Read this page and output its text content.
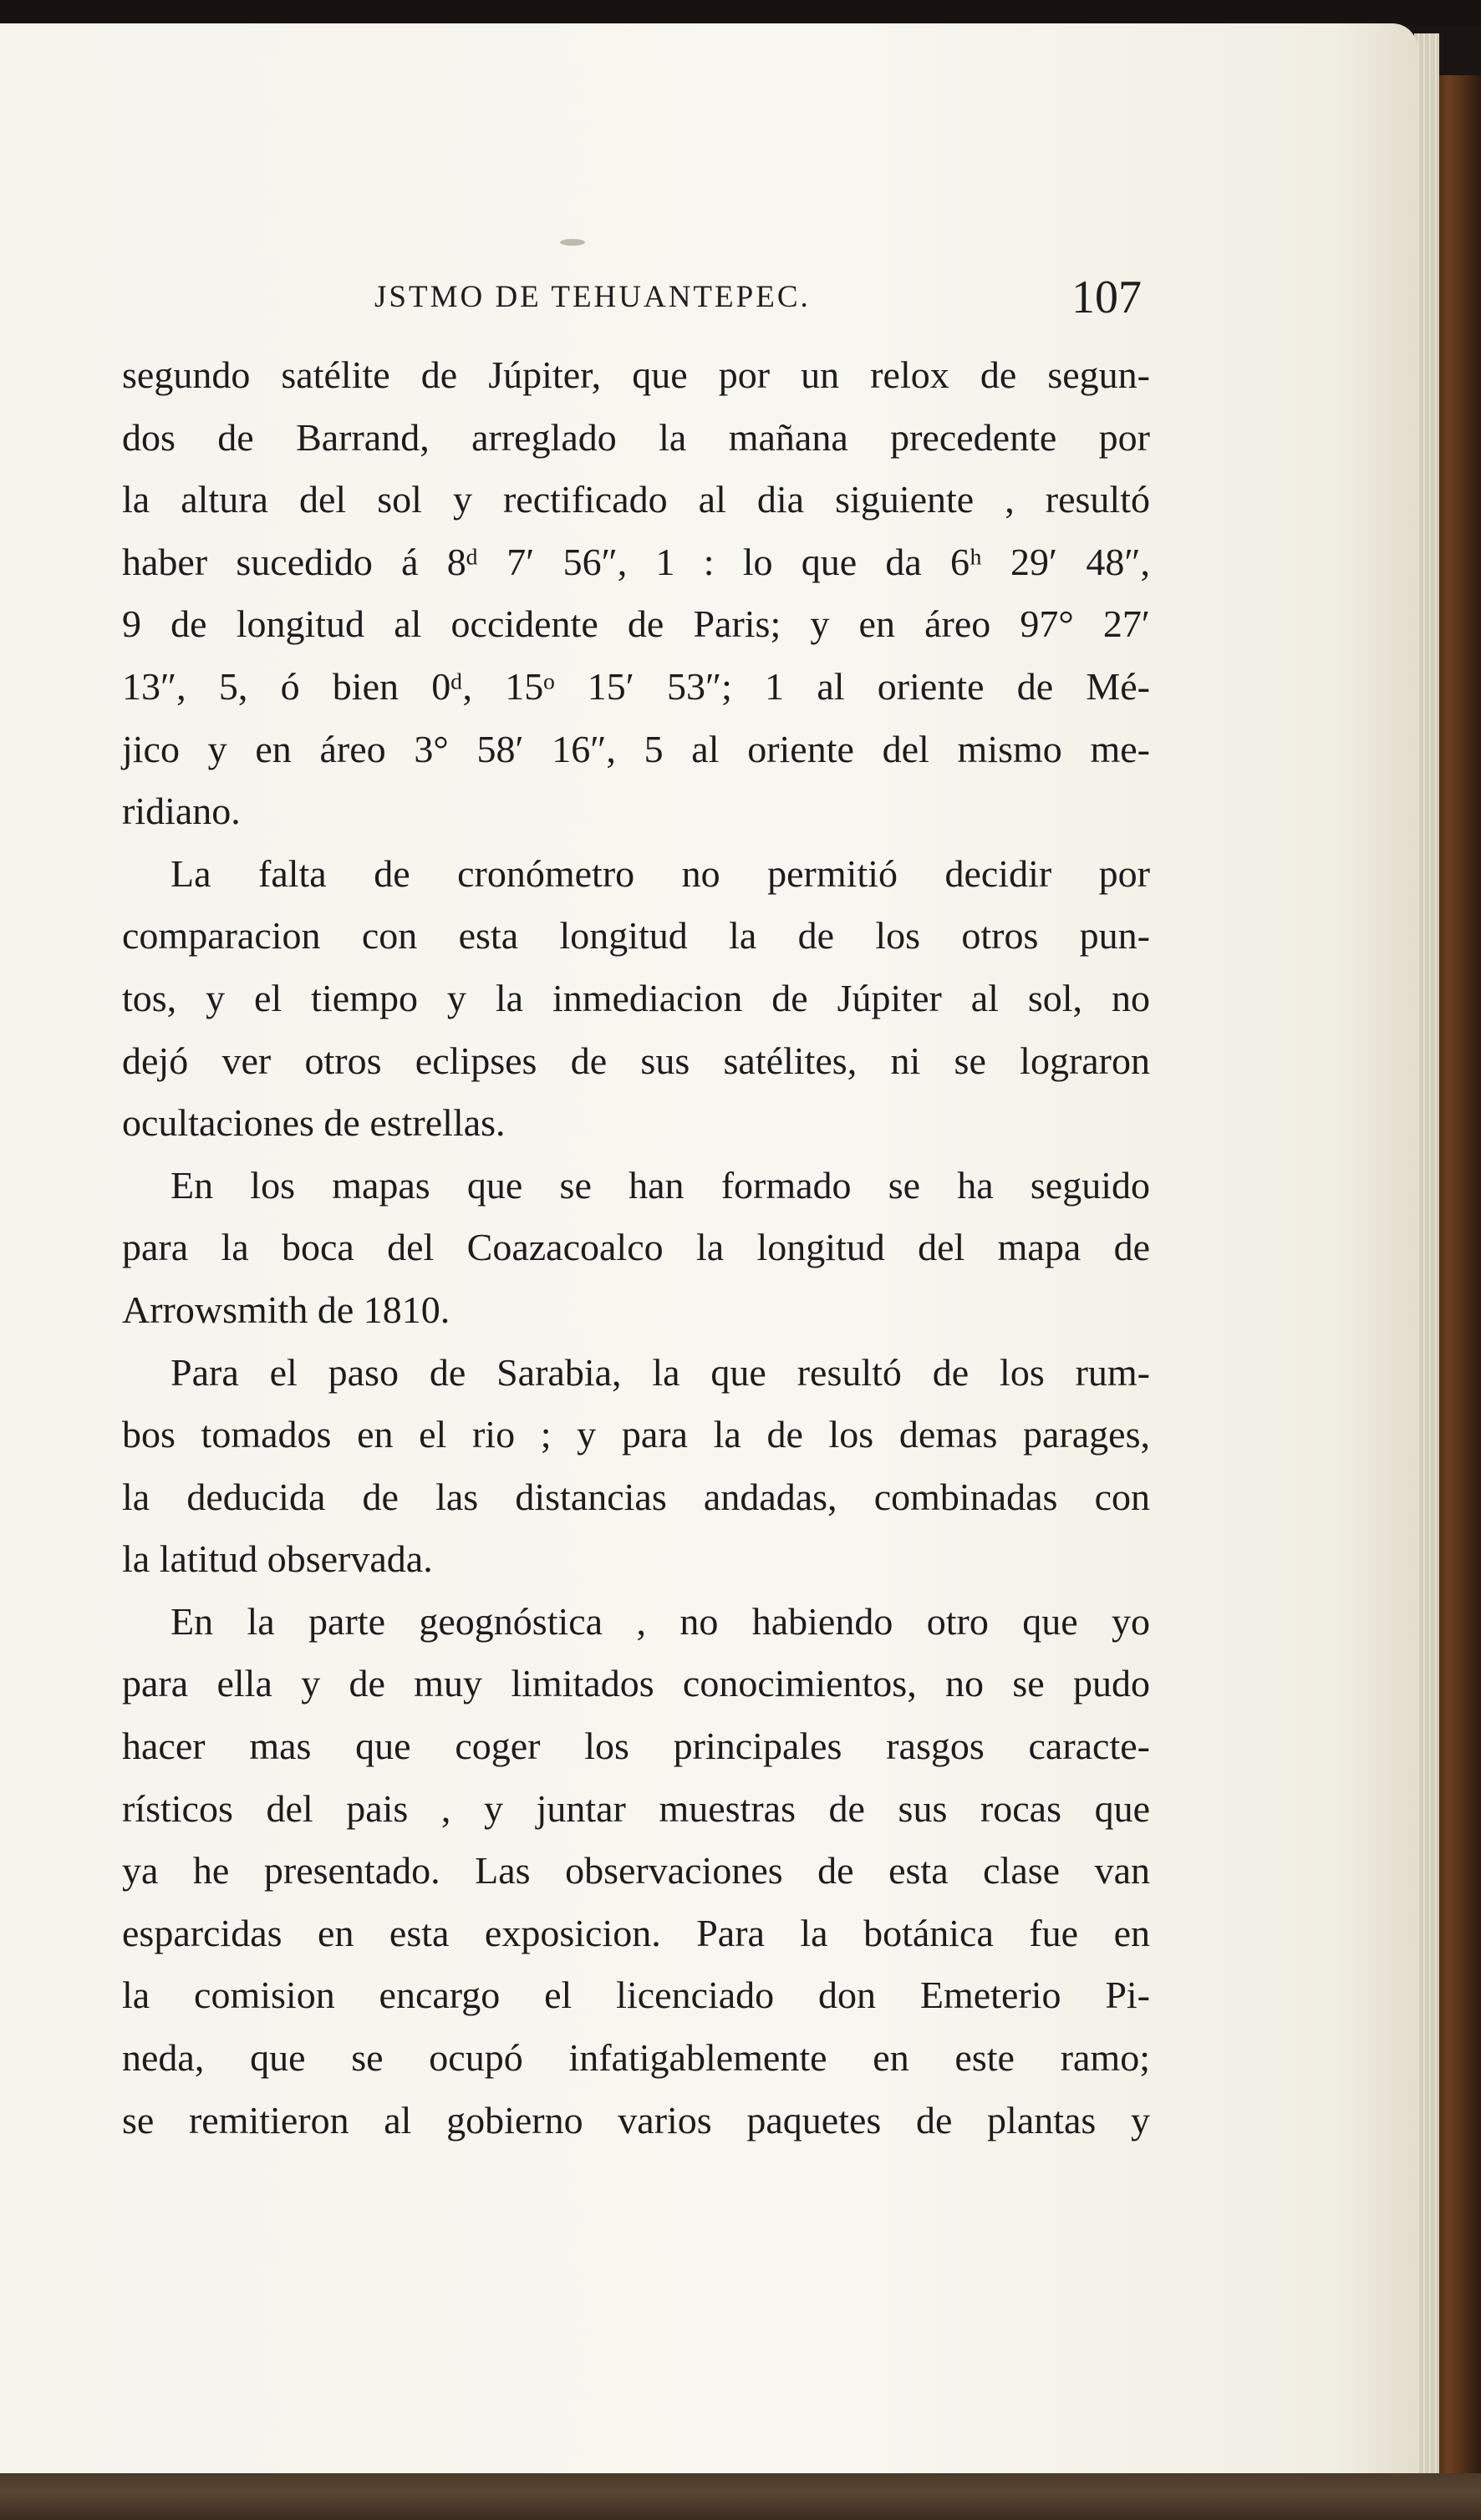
JSTMO DE TEHUANTEPEC.	107
segundo satélite de Júpiter, que por un relox de segun-
dos de Barrand, arreglado la mañana precedente por
la altura del sol y rectificado al dia siguiente , resultó
haber sucedido á 8ᵈ 7′ 56″, 1 : lo que da 6ʰ 29′ 48″,
9 de longitud al occidente de Paris; y en áreo 97° 27′
13″, 5, ó bien 0ᵈ, 15ᵒ 15′ 53″; 1 al oriente de Mé-
jico y en áreo 3° 58′ 16″, 5 al oriente del mismo me-
ridiano.
La falta de cronómetro no permitió decidir por
comparacion con esta longitud la de los otros pun-
tos, y el tiempo y la inmediacion de Júpiter al sol, no
dejó ver otros eclipses de sus satélites, ni se lograron
ocultaciones de estrellas.
En los mapas que se han formado se ha seguido
para la boca del Coazacoalco la longitud del mapa de
Arrowsmith de 1810.
Para el paso de Sarabia, la que resultó de los rum-
bos tomados en el rio ; y para la de los demas parages,
la deducida de las distancias andadas, combinadas con
la latitud observada.
En la parte geognóstica , no habiendo otro que yo
para ella y de muy limitados conocimientos, no se pudo
hacer mas que coger los principales rasgos caracte-
rísticos del pais , y juntar muestras de sus rocas que
ya he presentado. Las observaciones de esta clase van
esparcidas en esta exposicion. Para la botánica fue en
la comision encargo el licenciado don Emeterio Pi-
neda, que se ocupó infatigablemente en este ramo;
se remitieron al gobierno varios paquetes de plantas y
